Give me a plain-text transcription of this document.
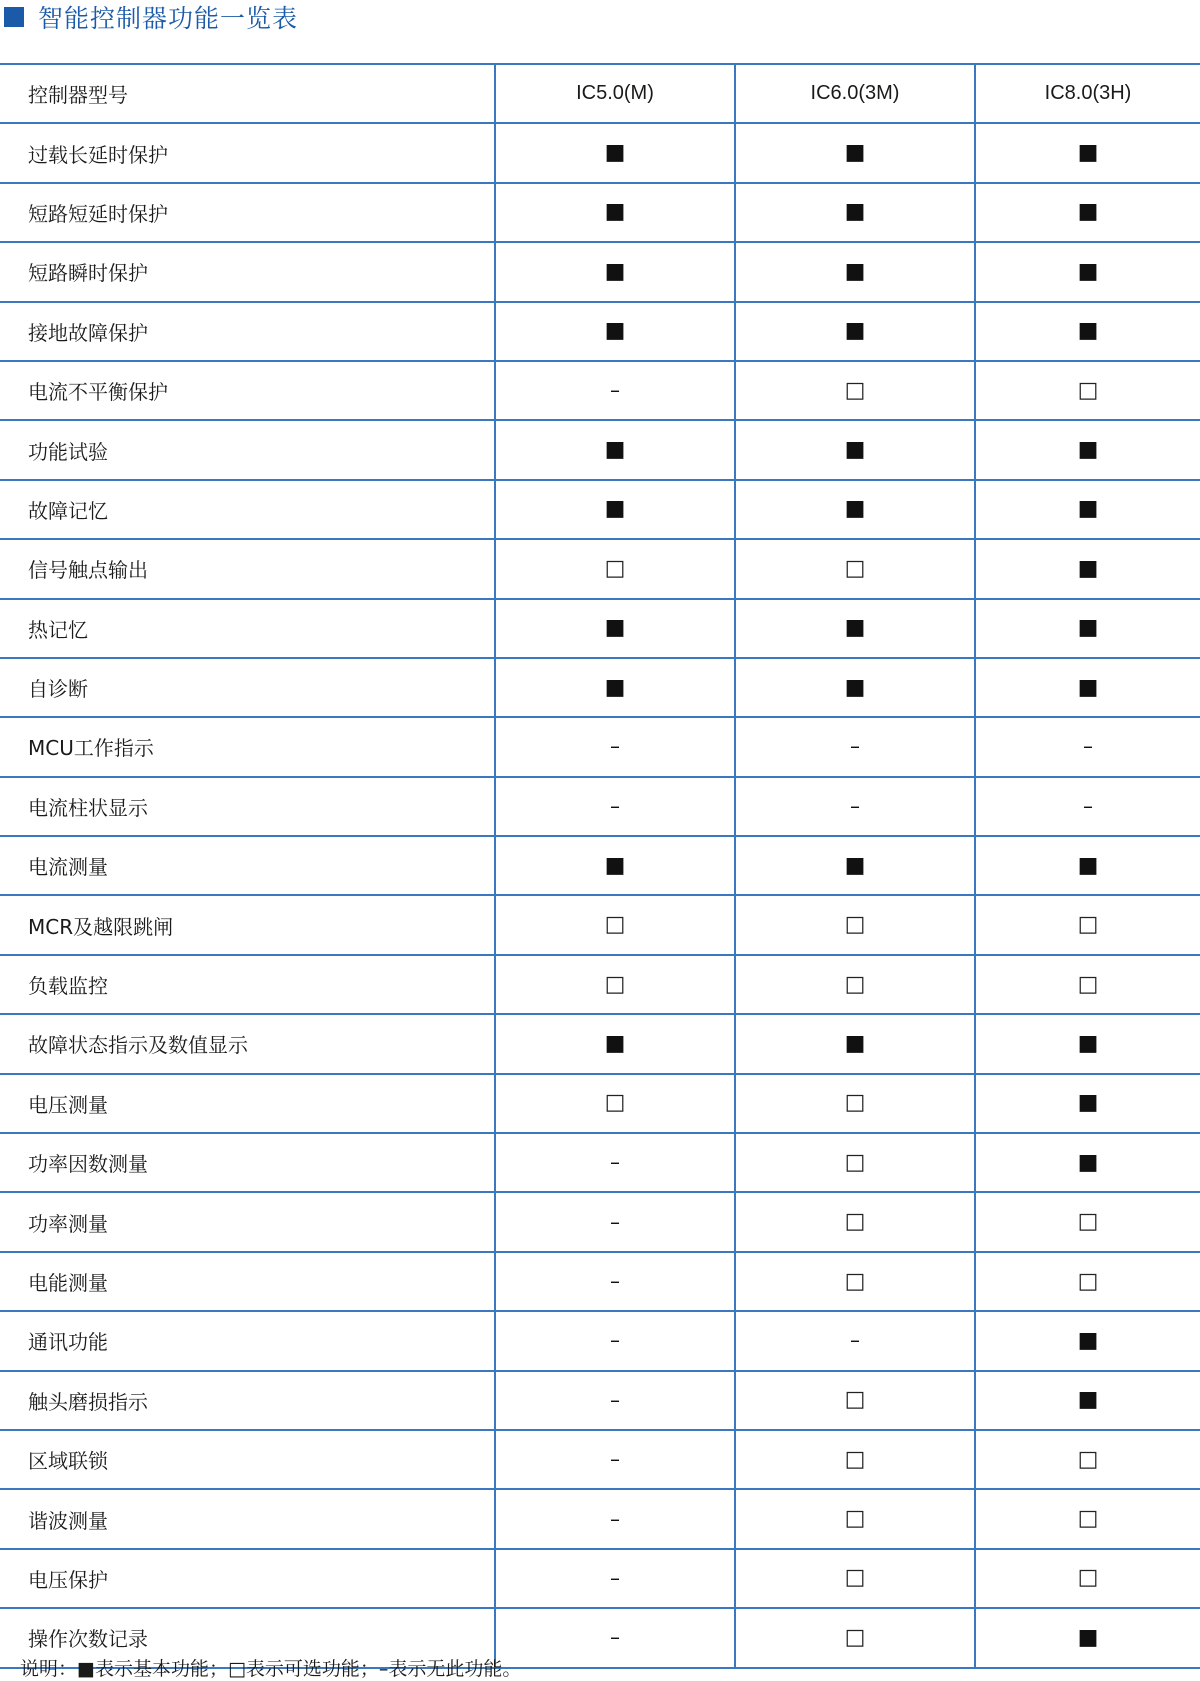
智能控制器功能一览表
控制器型号	IC5.0(M)	IC6.0(3M)	IC8.0(3H)
过载长延时保护	■	■	■
短路短延时保护	■	■	■
短路瞬时保护	■	■	■
接地故障保护	■	■	■
电流不平衡保护	–	□	□
功能试验	■	■	■
故障记忆	■	■	■
信号触点输出	□	□	■
热记忆	■	■	■
自诊断	■	■	■
MCU工作指示	–	–	–
电流柱状显示	–	–	–
电流测量	■	■	■
MCR及越限跳闸	□	□	□
负载监控	□	□	□
故障状态指示及数值显示	■	■	■
电压测量	□	□	■
功率因数测量	–	□	■
功率测量	–	□	□
电能测量	–	□	□
通讯功能	–	–	■
触头磨损指示	–	□	■
区域联锁	–	□	□
谐波测量	–	□	□
电压保护	–	□	□
操作次数记录	–	□	■
说明：■表示基本功能；□表示可选功能；–表示无此功能。
